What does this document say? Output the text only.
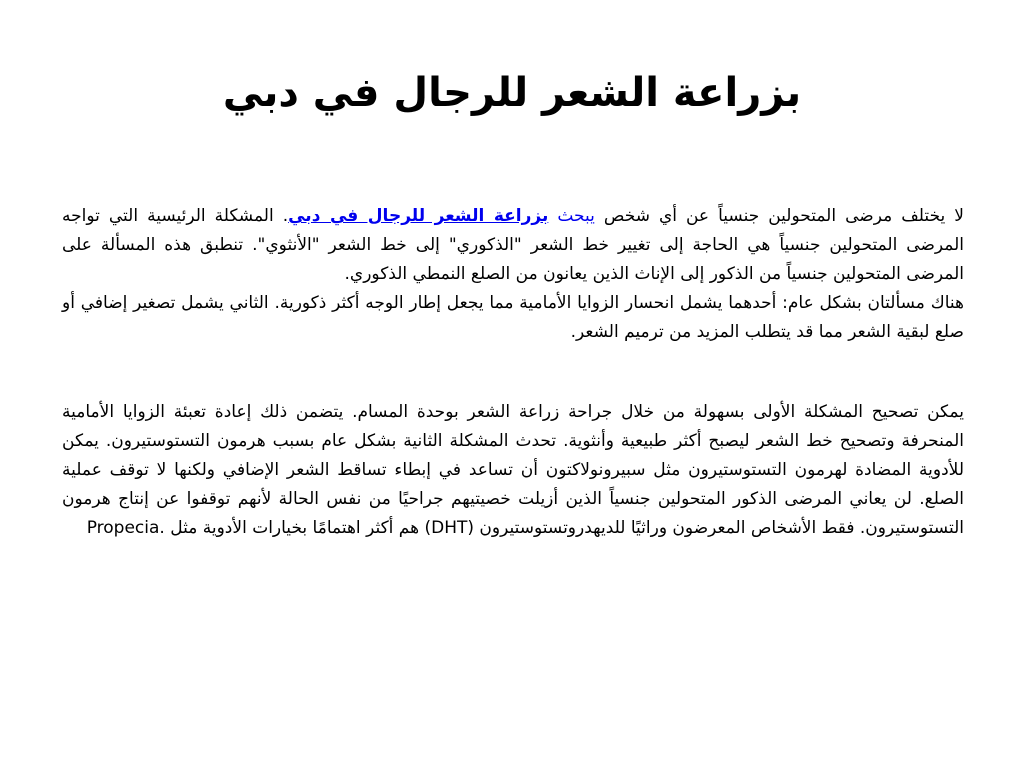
بزراعة الشعر للرجال في دبي

لا يختلف مرضى المتحولين جنسياً عن أي شخص يبحث بزراعة الشعر للرجال في دبي. المشكلة الرئيسية التي تواجه المرضى المتحولين جنسياً هي الحاجة إلى تغيير خط الشعر "الذكوري" إلى خط الشعر "الأنثوي". تنطبق هذه المسألة على المرضى المتحولين جنسياً من الذكور إلى الإناث الذين يعانون من الصلع النمطي الذكوري.

هناك مسألتان بشكل عام: أحدهما يشمل انحسار الزوايا الأمامية مما يجعل إطار الوجه أكثر ذكورية. الثاني يشمل تصغير إضافي أو صلع لبقية الشعر مما قد يتطلب المزيد من ترميم الشعر.

يمكن تصحيح المشكلة الأولى بسهولة من خلال جراحة زراعة الشعر بوحدة المسام. يتضمن ذلك إعادة تعبئة الزوايا الأمامية المنحرفة وتصحيح خط الشعر ليصبح أكثر طبيعية وأنثوية. تحدث المشكلة الثانية بشكل عام بسبب هرمون التستوستيرون. يمكن للأدوية المضادة لهرمون التستوستيرون مثل سبيرونولاكتون أن تساعد في إبطاء تساقط الشعر الإضافي ولكنها لا توقف عملية الصلع. لن يعاني المرضى الذكور المتحولين جنسياً الذين أزيلت خصيتيهم جراحيًا من نفس الحالة لأنهم توقفوا عن إنتاج هرمون التستوستيرون. فقط الأشخاص المعرضون وراثيًا للديهدروتستوستيرون (DHT) هم أكثر اهتمامًا بخيارات الأدوية مثل Propecia.
